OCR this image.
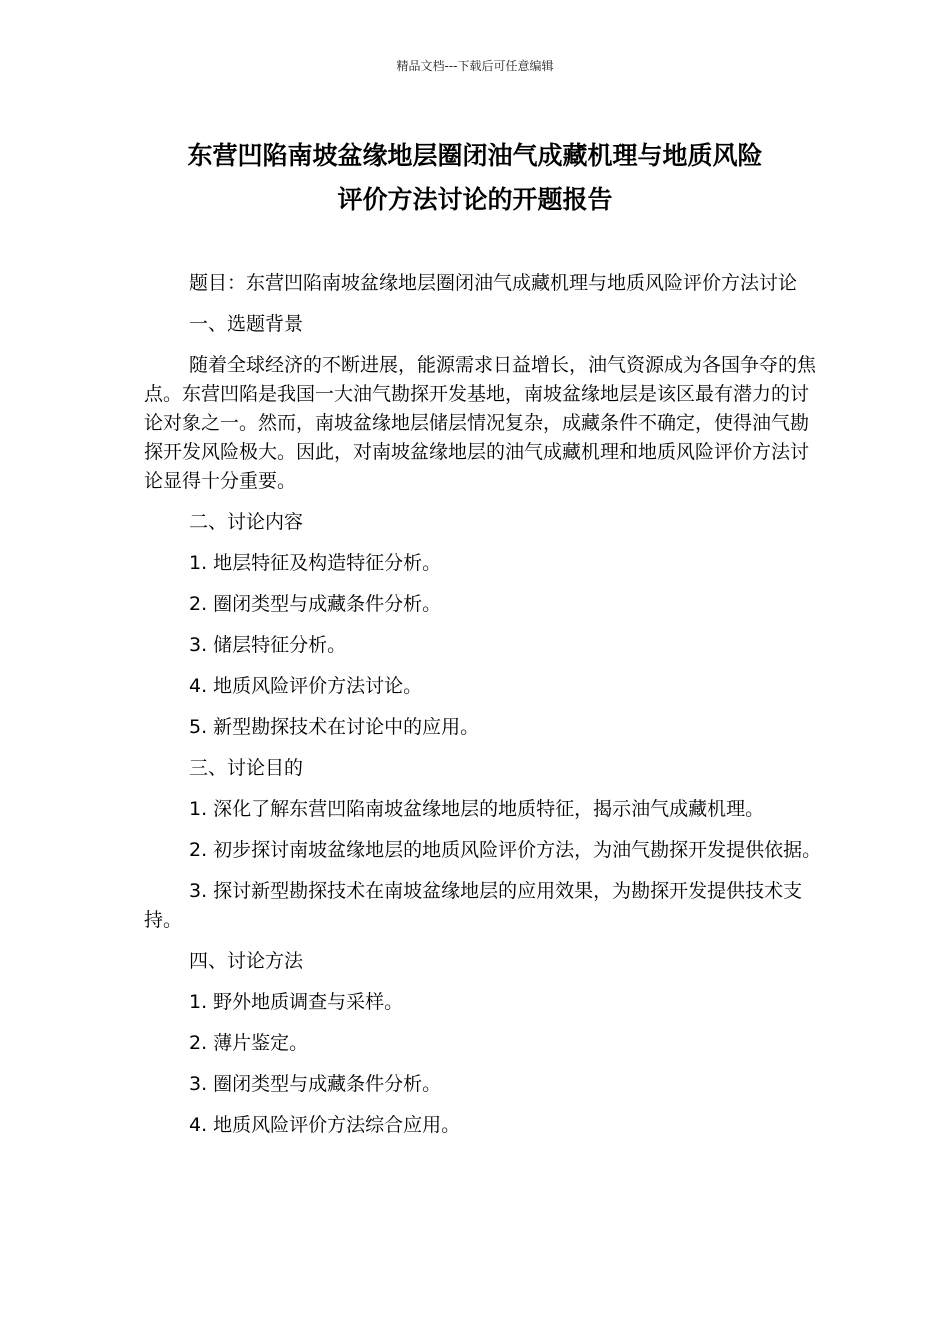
精品文档---下载后可任意编辑
东营凹陷南坡盆缘地层圈闭油气成藏机理与地质风险
评价方法讨论的开题报告

题目：东营凹陷南坡盆缘地层圈闭油气成藏机理与地质风险评价方法讨论

一、选题背景

随着全球经济的不断进展，能源需求日益增长，油气资源成为各国争夺的焦点。东营凹陷是我国一大油气勘探开发基地，南坡盆缘地层是该区最有潜力的讨论对象之一。然而，南坡盆缘地层储层情况复杂，成藏条件不确定，使得油气勘探开发风险极大。因此，对南坡盆缘地层的油气成藏机理和地质风险评价方法讨论显得十分重要。

二、讨论内容

1. 地层特征及构造特征分析。

2. 圈闭类型与成藏条件分析。

3. 储层特征分析。

4. 地质风险评价方法讨论。

5. 新型勘探技术在讨论中的应用。

三、讨论目的

1. 深化了解东营凹陷南坡盆缘地层的地质特征，揭示油气成藏机理。

2. 初步探讨南坡盆缘地层的地质风险评价方法，为油气勘探开发提供依据。

3. 探讨新型勘探技术在南坡盆缘地层的应用效果，为勘探开发提供技术支持。

四、讨论方法

1. 野外地质调查与采样。

2. 薄片鉴定。

3. 圈闭类型与成藏条件分析。

4. 地质风险评价方法综合应用。
